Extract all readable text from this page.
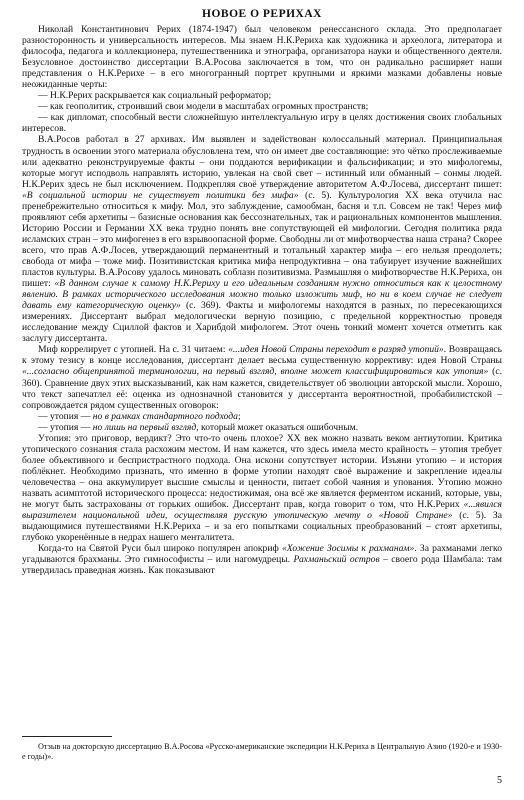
НОВОЕ О РЕРИХАХ

Николай Константинович Рерих (1874-1947) был человеком ренессансного склада. Это предполагает разносторонность и универсальность интересов. Мы знаем Н.К.Рериха как художника и археолога, литератора и философа, педагога и коллекционера, путешественника и этнографа, организатора науки и общественного деятеля. Безусловное достоинство диссертации В.А.Росова заключается в том, что он радикально расширяет наши представления о Н.К.Рерихе – в его многогранный портрет крупными и яркими мазками добавлены новые неожиданные черты:

— Н.К.Рерих раскрывается как социальный реформатор;
— как геополитик, строивший свои модели в масштабах огромных пространств;
— как дипломат, способный вести сложнейшую интеллектуальную игру в целях достижения своих глобальных интересов.

В.А.Росов работал в 27 архивах. Им выявлен и задействован колоссальный материал. Принципиальная трудность в освоении этого материала обусловлена тем, что он имеет две составляющие: это чётко прослеживаемые или адекватно реконструируемые факты – они поддаются верификации и фальсификации; и это мифологемы, которые могут исподволь направлять историю, увлекая на свой свет – истинный или обманный – сонмы людей. Н.К.Рерих здесь не был исключением. Подкрепляя своё утверждение авторитетом А.Ф.Лосева, диссертант пишет: «В социальной истории не существует политики без мифа» (с. 5). Культурология XX века отучила нас пренебрежительно относиться к мифу. Мол, это заблуждение, самообман, басня и т.п. Совсем не так! Через миф проявляют себя архетипы – базисные основания как бессознательных, так и рациональных компонентов мышления. Историю России и Германии XX века трудно понять вне сопутствующей ей мифологии. Сегодня политика ряда исламских стран – это мифогенез в его взрывоопасной форме. Свободны ли от мифотворчества наша страна? Скорее всего, что прав А.Ф.Лосев, утверждающий перманентный и тотальный характер мифа – его нельзя преодолеть; свобода от мифа – тоже миф. Позитивистская критика мифа непродуктивна – она табуирует изучение важнейших пластов культуры. В.А.Росову удалось миновать соблазн позитивизма. Размышляя о мифотворчестве Н.К.Рериха, он пишет: «В данном случае к самому Н.К.Рериху и его идеальным созданиям нужно относиться как к целостному явлению. В рамках исторического исследования можно только изложить миф, но ни в коем случае не следует давать ему категорическую оценку» (с. 369). Факты и мифологемы находятся в разных, по пересекающихся измерениях. Диссертант выбрал медологически верную позицию, с предельной корректностью проведя исследование между Сциллой фактов и Харибдой мифологем. Этот очень тонкий момент хочется отметить как заслугу диссертанта.

Миф коррелирует с утопией. На с. 31 читаем: «...идея Новой Страны переходит в разряд утопий». Возвращаясь к этому тезису в конце исследования, диссертант делает весьма существенную коррективу: идея Новой Страны «...согласно общепринятой терминологии, на первый взгляд, вполне может классифицироваться как утопия» (с. 360). Сравнение двух этих высказываний, как нам кажется, свидетельствует об эволюции авторской мысли. Хорошо, что текст запечатлел её: оценка из однозначной становится у диссертанта вероятностной, пробабилистской – сопровождается рядом существенных оговорок:

— утопия — но в рамках стандартного подхода;
— утопия — но лишь на первый взгляд, который может оказаться ошибочным.

Утопия: это приговор, вердикт? Это что-то очень плохое? XX век можно назвать веком антиутопии. Критика утопического сознания стала расхожим местом. И нам кажется, что здесь имела место крайность – утопия требует более объективного и беспристрастного подхода. Она искони сопутствует истории. Изъяни утопию – и история поблёкнет. Необходимо признать, что именно в форме утопии находят своё выражение и закрепление идеалы человечества – она аккумулирует высшие смыслы и ценности, питает собой чаяния и упования. Утопию можно назвать асимптотой исторического процесса: недостижимая, она всё же является ферментом исканий, которые, увы, не могут быть застрахованы от горьких ошибок. Диссертант прав, когда говорит о том, что Н.К.Рерих «...явился выразителем национальной идеи, осуществляя русскую утопическую мечту о «Новой Стране» (с. 5). За выдающимися путешествиями Н.К.Рериха – и за его попытками социальных преобразований – стоят архетипы, глубоко укоренённые в недрах нашего менталитета.

Когда-то на Святой Руси был широко популярен апокриф «Хожение Зосимы к рахманам». За рахманами легко угадываются брахманы. Это гимнософисты – или нагомудрецы. Рахманьский остров – своего рода Шамбала: там утвердилась праведная жизнь. Как показывают

Отзыв на докторскую диссертацию В.А.Росова «Русско-американские экспедиции Н.К.Рериха в Центральную Азию (1920-е и 1930-е годы)».
5
